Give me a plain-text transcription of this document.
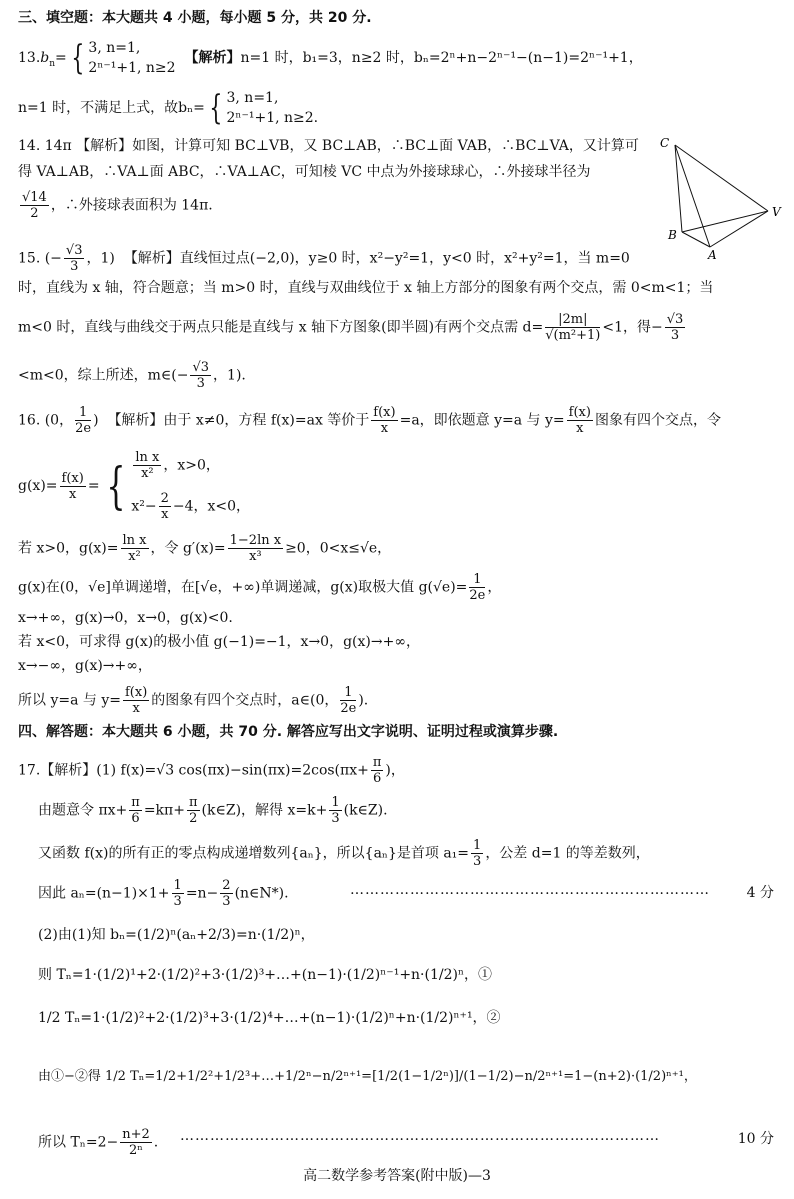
三、填空题：本大题共 4 小题，每小题 5 分，共 20 分.
$13.b_n=$ { 3, n=1,
2ⁿ⁻¹+1, n≥2
【解析】n=1 时，b₁=3，n≥2 时，bₙ=2ⁿ+n−2ⁿ⁻¹−(n−1)=2ⁿ⁻¹+1，
n=1 时，不满足上式，故bₙ= { 3, n=1,
2ⁿ⁻¹+1, n≥2.
14. 14π 【解析】如图，计算可知 BC⊥VB，又 BC⊥AB，∴BC⊥面 VAB，∴BC⊥VA，又计算可
得 VA⊥AB，∴VA⊥面 ABC，∴VA⊥AC，可知棱 VC 中点为外接球球心，∴外接球半径为
$\frac{√14}{2}$ ，∴外接球表面积为 14π.
C
B
A
V
15. (− $\frac{√3}{3}$ ，1) 【解析】直线恒过点(−2,0)，y≥0 时，x²−y²=1，y<0 时，x²+y²=1，当 m=0
时，直线为 x 轴，符合题意；当 m>0 时，直线与双曲线位于 x 轴上方部分的图象有两个交点，需 0<m<1；当
m<0 时，直线与曲线交于两点只能是直线与 x 轴下方图象(即半圆)有两个交点需 $d= \frac{|2m|}{\text{√(m²+1)}} <1$，得− $\frac{√3}{3}$
<m<0，综上所述，m∈(− $\frac{√3}{3}$ ，1).
16. (0， $\frac{1}{2e}$ ) 【解析】由于 x≠0，方程 f(x)=ax 等价于 $\frac{f(x)}{x} =a$，即依题意 y=a 与 $y= \frac{f(x)}{x}$ 图象有四个交点，令
$g(x)= \frac{f(x)}{x}$ = { $\frac{\text{ln x}}{\text{x²}}$ ，x>0，
$x^2- \frac{2}{x} -4$，x<0，
若 x>0，$g(x)= \frac{\text{ln x}}{\text{x²}}$ ，令 $g'(x)= \frac{\text{1−2ln x}}{\text{x³}} \ge 0$，0<x≤√e，
g(x)在(0，√e]单调递增，在[√e，+∞)单调递减，g(x)取极大值 $g(√e)= \frac{1}{2e}$ ，
x→+∞，g(x)→0，x→0，g(x)<0.
若 x<0，可求得 g(x)的极小值 g(−1)=−1，x→0，g(x)→+∞，
x→−∞，g(x)→+∞，
所以 y=a 与 $y= \frac{f(x)}{x}$ 的图象有四个交点时，a∈(0， $\frac{1}{2e}$ ).
四、解答题：本大题共 6 小题，共 70 分. 解答应写出文字说明、证明过程或演算步骤.
17.【解析】(1) f(x)=√3 $\cos(\pi x)-\sin(\pi x)=2\cos(\pi x+ \frac{\pi}{6}$ )，
由题意令 $\pi x+ \frac{\pi}{6} =k\pi+ \frac{\pi}{2}$ (k∈Z)，解得 $x=k+ \frac{1}{3}$ (k∈Z).
又函数 f(x)的所有正的零点构成递增数列{aₙ}，所以{aₙ}是首项 $a_1= \frac{1}{3}$ ，公差 d=1 的等差数列，
因此 $a_n=(n-1)\times 1+ \frac{1}{3} =n- \frac{2}{3}$ (n∈N*).	………………………………………………………………	4 分
(2)由(1)知 bₙ=(1/2)ⁿ(aₙ+2/3)=n·(1/2)ⁿ，
则 Tₙ=1·(1/2)¹+2·(1/2)²+3·(1/2)³+…+(n−1)·(1/2)ⁿ⁻¹+n·(1/2)ⁿ，①
1/2 Tₙ=1·(1/2)²+2·(1/2)³+3·(1/2)⁴+…+(n−1)·(1/2)ⁿ+n·(1/2)ⁿ⁺¹，②
由①−②得 1/2 Tₙ=1/2+1/2²+1/2³+…+1/2ⁿ−n/2ⁿ⁺¹=[1/2(1−1/2ⁿ)]/(1−1/2)−n/2ⁿ⁺¹=1−(n+2)·(1/2)ⁿ⁺¹，
所以 $T_n=2- \frac{n+2}{\text{2ⁿ}}$ . ……………………………………………………………………………………	10 分
高二数学参考答案(附中版)—3
